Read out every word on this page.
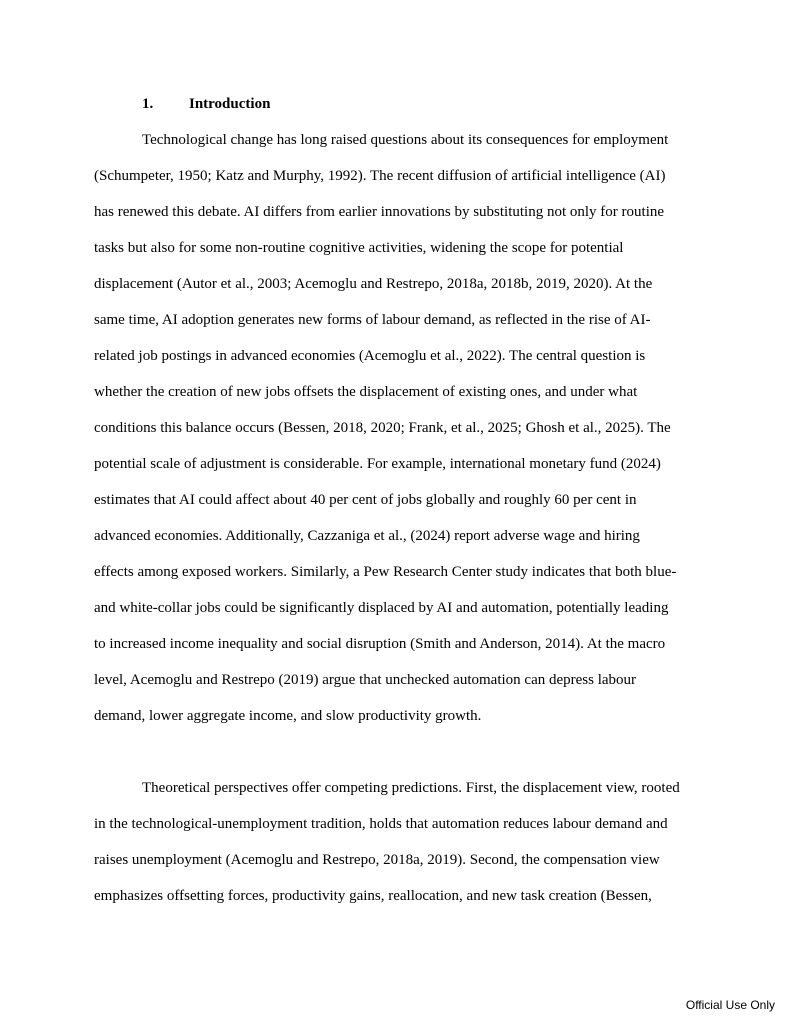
1. Introduction

Technological change has long raised questions about its consequences for employment

(Schumpeter, 1950; Katz and Murphy, 1992). The recent diffusion of artificial intelligence (AI)

has renewed this debate. AI differs from earlier innovations by substituting not only for routine

tasks but also for some non-routine cognitive activities, widening the scope for potential

displacement (Autor et al., 2003; Acemoglu and Restrepo, 2018a, 2018b, 2019, 2020). At the

same time, AI adoption generates new forms of labour demand, as reflected in the rise of AI-

related job postings in advanced economies (Acemoglu et al., 2022). The central question is

whether the creation of new jobs offsets the displacement of existing ones, and under what

conditions this balance occurs (Bessen, 2018, 2020; Frank, et al., 2025; Ghosh et al., 2025). The

potential scale of adjustment is considerable. For example, international monetary fund (2024)

estimates that AI could affect about 40 per cent of jobs globally and roughly 60 per cent in

advanced economies. Additionally, Cazzaniga et al., (2024) report adverse wage and hiring

effects among exposed workers. Similarly, a Pew Research Center study indicates that both blue-

and white-collar jobs could be significantly displaced by AI and automation, potentially leading

to increased income inequality and social disruption (Smith and Anderson, 2014). At the macro

level, Acemoglu and Restrepo (2019) argue that unchecked automation can depress labour

demand, lower aggregate income, and slow productivity growth.

Theoretical perspectives offer competing predictions. First, the displacement view, rooted

in the technological-unemployment tradition, holds that automation reduces labour demand and

raises unemployment (Acemoglu and Restrepo, 2018a, 2019). Second, the compensation view

emphasizes offsetting forces, productivity gains, reallocation, and new task creation (Bessen,

Official Use Only
